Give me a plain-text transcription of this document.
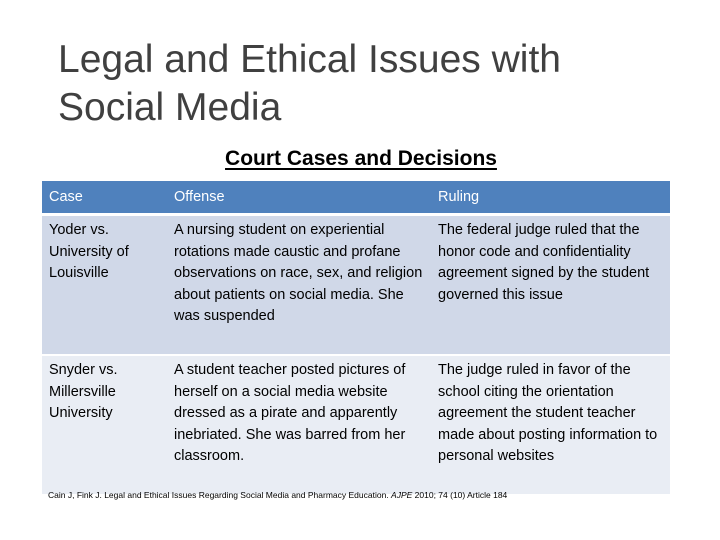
Legal and Ethical Issues with Social Media
Court Cases and Decisions
Case	Offense	Ruling
Yoder vs. University of Louisville	A nursing student on experiential rotations made caustic and profane observations on race, sex, and religion about patients on social media. She was suspended	The federal judge ruled that the honor code and confidentiality agreement signed by the student governed this issue
Snyder vs. Millersville University	A student teacher posted pictures of herself on a social media website dressed as a pirate and apparently inebriated. She was barred from her classroom.	The judge ruled in favor of the school citing the orientation agreement the student teacher made about posting information to personal websites
Cain J, Fink J. Legal and Ethical Issues Regarding Social Media and Pharmacy Education. AJPE 2010; 74 (10) Article 184
